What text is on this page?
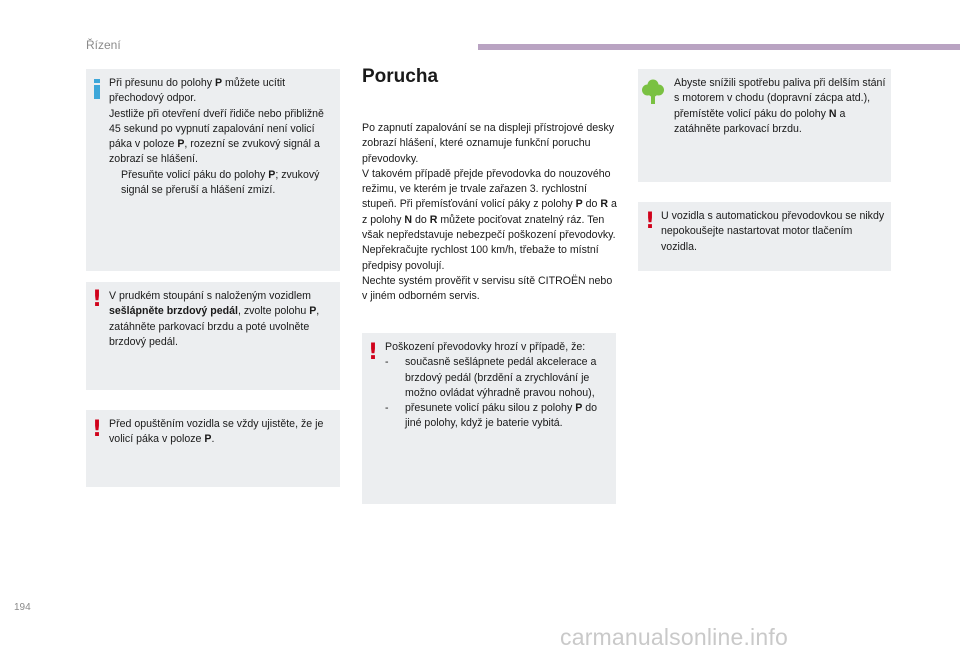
Řízení
Při přesunu do polohy P můžete ucítit přechodový odpor.
Jestliže při otevření dveří řidiče nebo přibližně 45 sekund po vypnutí zapalování není volicí páka v poloze P, rozezní se zvukový signál a zobrazí se hlášení.
Přesuňte volicí páku do polohy P; zvukový signál se přeruší a hlášení zmizí.
! V prudkém stoupání s naloženým vozidlem sešlápněte brzdový pedál, zvolte polohu P, zatáhněte parkovací brzdu a poté uvolněte brzdový pedál.
! Před opuštěním vozidla se vždy ujistěte, že je volicí páka v poloze P.
Porucha
Po zapnutí zapalování se na displeji přístrojové desky zobrazí hlášení, které oznamuje funkční poruchu převodovky.
V takovém případě přejde převodovka do nouzového režimu, ve kterém je trvale zařazen 3. rychlostní stupeň. Při přemísťování volicí páky z polohy P do R a z polohy N do R můžete pociťovat znatelný ráz. Ten však nepředstavuje nebezpečí poškození převodovky.
Nepřekračujte rychlost 100 km/h, třebaže to místní předpisy povolují.
Nechte systém prověřit v servisu sítě CITROËN nebo v jiném odborném servis.
! Poškození převodovky hrozí v případě, že:
- současně sešlápnete pedál akcelerace a brzdový pedál (brzdění a zrychlování je možno ovládat výhradně pravou nohou),
- přesunete volicí páku silou z polohy P do jiné polohy, když je baterie vybitá.
Abyste snížili spotřebu paliva při delším stání s motorem v chodu (dopravní zácpa atd.), přemístěte volicí páku do polohy N a zatáhněte parkovací brzdu.
! U vozidla s automatickou převodovkou se nikdy nepokoušejte nastartovat motor tlačením vozidla.
194
carmanualsonline.info
